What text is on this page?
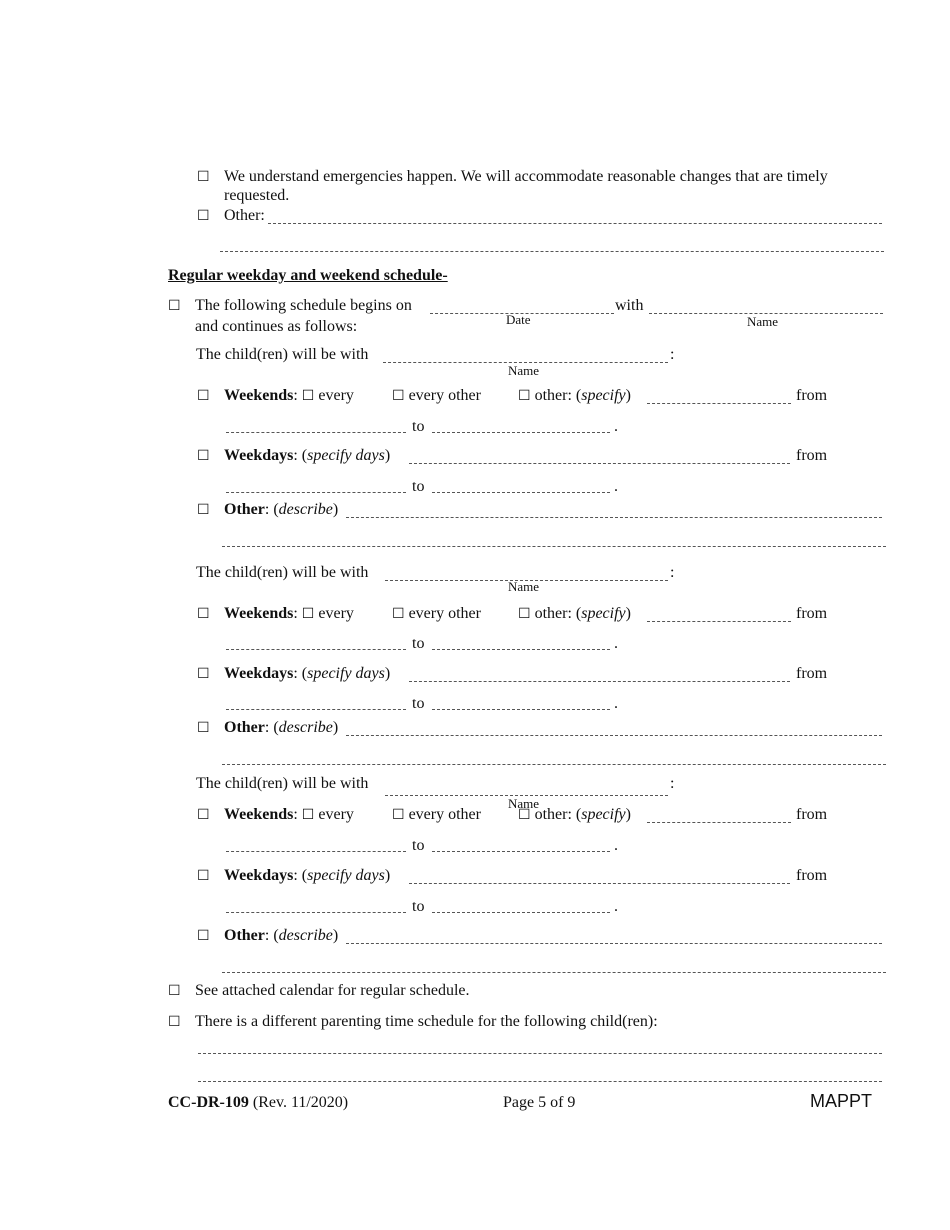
☐ We understand emergencies happen. We will accommodate reasonable changes that are timely
requested.
☐ Other:
Regular weekday and weekend schedule-
☐ The following schedule begins on	with
Date	Name
and continues as follows:
The child(ren) will be with	:
Name
☐ Weekends: ☐ every	☐ every other	☐ other: (specify)	from
to	.
☐ Weekdays: (specify days)	from
to	.
☐ Other: (describe)
The child(ren) will be with	:
Name
☐ Weekends: ☐ every	☐ every other	☐ other: (specify)	from
to	.
☐ Weekdays: (specify days)	from
to	.
☐ Other: (describe)
The child(ren) will be with	:
Name
☐ Weekends: ☐ every	☐ every other	☐ other: (specify)	from
to	.
☐ Weekdays: (specify days)	from
to	.
☐ Other: (describe)
☐ See attached calendar for regular schedule.
☐ There is a different parenting time schedule for the following child(ren):
CC-DR-109 (Rev. 11/2020)	Page 5 of 9	MAPPT
